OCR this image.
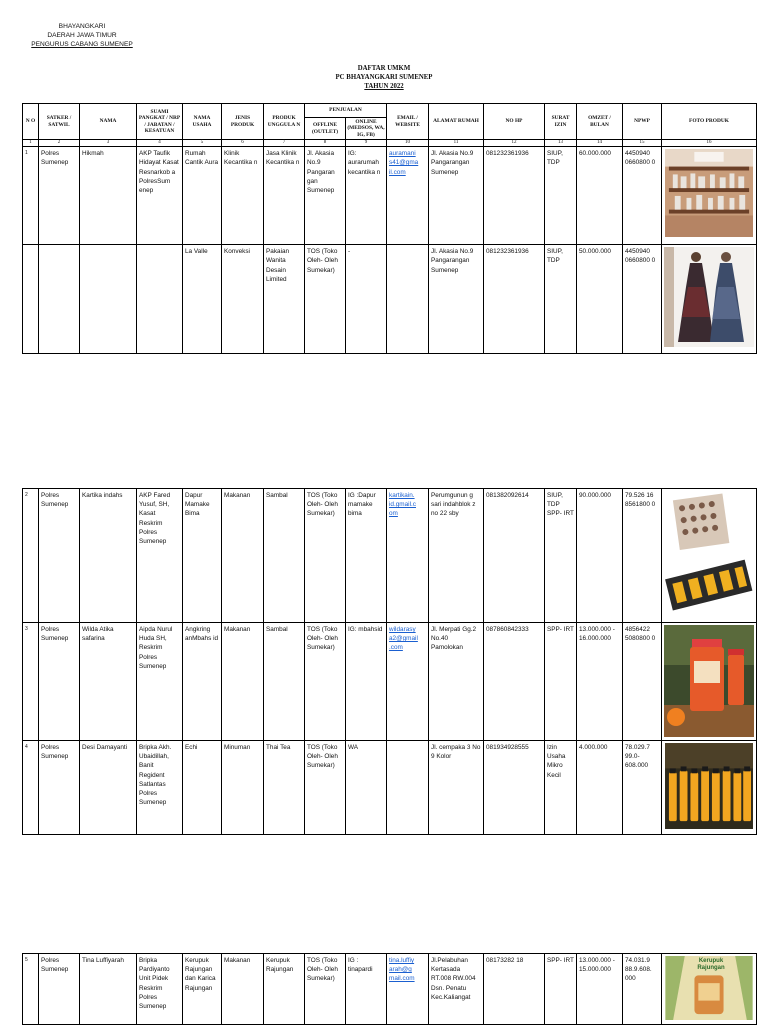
BHAYANGKARI
DAERAH JAWA TIMUR
PENGURUS CABANG SUMENEP
DAFTAR UMKM
PC BHAYANGKARI SUMENEP
TAHUN 2022
N O	SATKER / SATWIL	NAMA	SUAMI PANGKAT / NRP / JABATAN / KESATUAN	NAMA USAHA	JENIS PRODUK	PRODUK UNGGULA N	PENJUALAN		EMAIL / WEBSITE	ALAMAT RUMAH	NO HP	SURAT IZIN	OMZET / BULAN	NPWP	FOTO PRODUK
							OFFLINE (OUTLET)	ONLINE (MEDSOS, WA, IG, FB)							
1	2	3	4	5	6	7	8	9	10	11	12	13	14	15	16
1	Polres Sumenep	Hikmah	AKP Taufik Hidayat Kasat Resnarkob a PolresSum enep	Rumah Cantik Aura	Klinik Kecantika n	Jasa Klinik Kecantika n	Jl. Akasia No.9 Pangaran gan Sumenep	IG: aurarumah kecantika n	auramani s41@gma il.com	Jl. Akasia No.9 Pangarangan Sumenep	081232361936	SIUP, TDP	60.000.000	4450940 0660800 0	

				La Valle	Konveksi	Pakaian Wanita Desain Limited	TOS (Toko Oleh- Oleh Sumekar)	-		Jl. Akasia No.9 Pangarangan Sumenep	081232361936	SIUP, TDP	50.000.000	4450940 0660800 0	
2	Polres Sumenep	Kartika indahs	AKP Fared Yusuf, SH, Kasat Reskrim Polres Sumenep	Dapur Mamake Bima	Makanan	Sambal	TOS (Toko Oleh- Oleh Sumekar)	IG :Dapur mamake bima	kartikain. id.gmail.c om	Perumgunun g sari indahblok z no 22 sby	081382092614	SIUP, TDP SPP- IRT	90.000.000	79.526 16 8561800 0	

3	Polres Sumenep	Wilda Atika safarina	Aipda Nurul Huda SH, Reskrim Polres Sumenep	Angkring anMbahs id	Makanan	Sambal	TOS (Toko Oleh- Oleh Sumekar)	IG: mbahsid	wildarasy a2@gmail .com	Jl. Merpati Gg.2 No.40 Pamolokan	087860842333	SPP- IRT	13.000.000 - 16.000.000	4856422 5080800 0	

4	Polres Sumenep	Desi Damayanti	Bripka Akh. Ubaidillah, Banit Regident Satlantas Polres Sumenep	Echi	Minuman	Thai Tea	TOS (Toko Oleh- Oleh Sumekar)	WA		Jl. cempaka 3 No 9 Kolor	081934928555	Izin Usaha Mikro Kecil	4.000.000	78.029.7 99.0- 608.000	
5	Polres Sumenep	Tina Luffiyarah	Bripka Pardiyanto Unit Pidek Reskrim Polres Sumenep	Kerupuk Rajungan dan Karica Rajungan	Makanan	Kerupuk Rajungan	TOS (Toko Oleh- Oleh Sumekar)	IG : tinapardi	tina.luffiy arah@g mail.com	Jl.Pelabuhan Kertasada RT.008 RW.004 Dsn. Penatu Kec.Kaliangat	08173282 18	SPP- IRT	13.000.000 - 15.000.000	74.031.9 88.9.608. 000	
Kerupuk Rajungan
